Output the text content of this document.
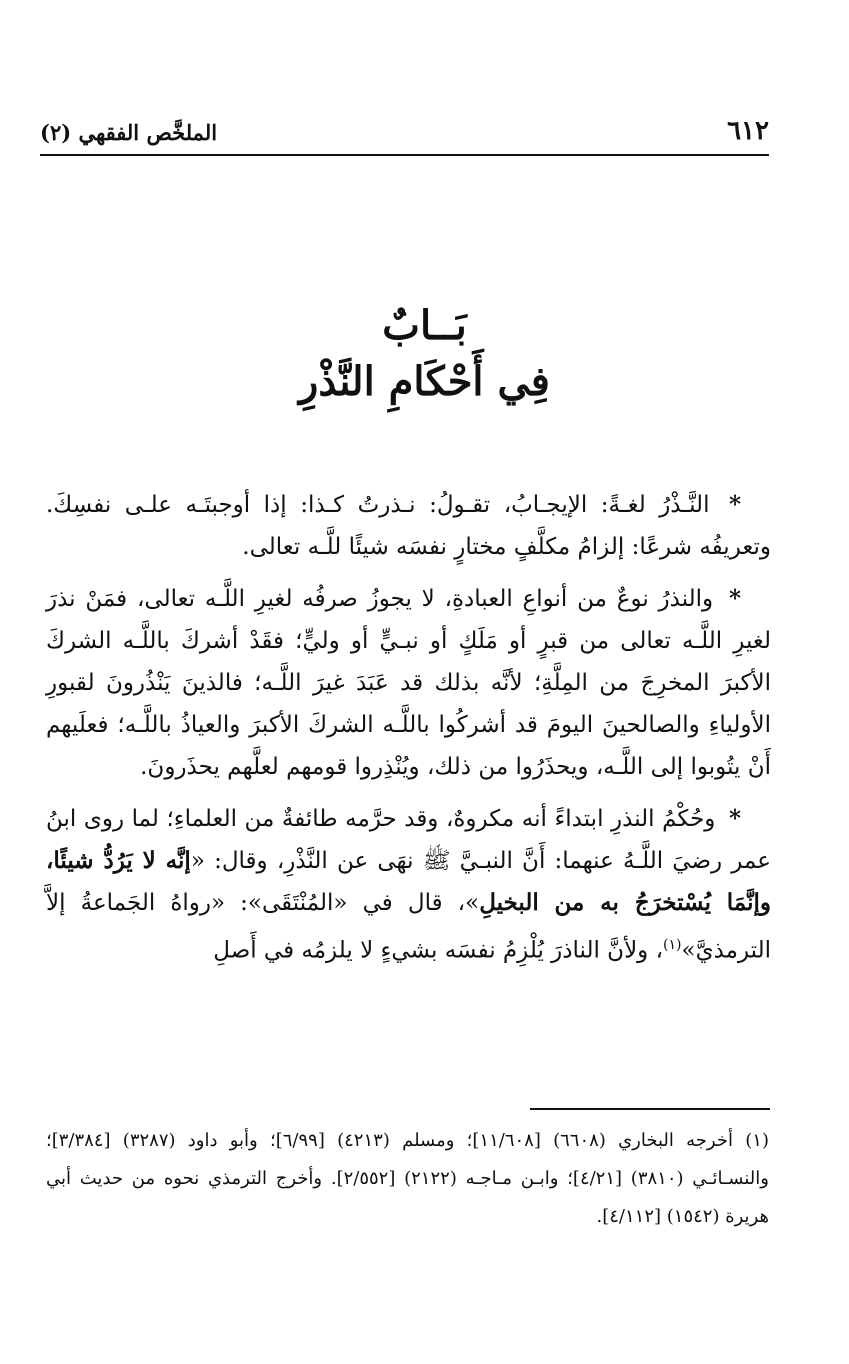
٦١٢
الملخَّص الفقهي (٢)
بَــابٌ
فِي أَحْكَامِ النَّذْرِ

* النَّـذْرُ لغـةً: الإيجـابُ، تقـولُ: نـذرتُ كـذا: إذا أوجبتَـه علـى نفسِكَ. وتعريفُه شرعًا: إلزامُ مكلَّفٍ مختارٍ نفسَه شيئًا للَّـه تعالى.

* والنذرُ نوعٌ من أنواعِ العبادةِ، لا يجوزُ صرفُه لغيرِ اللَّـه تعالى، فمَنْ نذرَ لغيرِ اللَّـه تعالى من قبرٍ أو مَلَكٍ أو نبـيٍّ أو وليٍّ؛ فقَدْ أشركَ باللَّـه الشركَ الأكبرَ المخرِجَ من المِلَّةِ؛ لأنَّه بذلك قد عَبَدَ غيرَ اللَّـه؛ فالذينَ يَنْذُرونَ لقبورِ الأولياءِ والصالحينَ اليومَ قد أشركُوا باللَّـه الشركَ الأكبرَ والعياذُ باللَّـه؛ فعلَيهم أَنْ يتُوبوا إلى اللَّـه، ويحذَرُوا من ذلك، ويُنْذِروا قومهم لعلَّهم يحذَرونَ.

* وحُكْمُ النذرِ ابتداءً أنه مكروهٌ، وقد حرَّمه طائفةٌ من العلماءِ؛ لما روى ابنُ عمر رضيَ اللَّـهُ عنهما: أَنَّ النبـيَّ ﷺ نهَى عن النَّذْرِ، وقال: «إنَّه لا يَرُدُّ شيئًا، وإنَّمَا يُسْتخرَجُ به من البخيلِ»، قال في «المُنْتَقَى»: «رواهُ الجَماعةُ إلاَّ الترمذيَّ»$^{(١)}$، ولأنَّ الناذرَ يُلْزِمُ نفسَه بشيءٍ لا يلزمُه في أَصلِ

(١) أخرجه البخاري (٦٦٠٨) [١١/٦٠٨]؛ ومسلم (٤٢١٣) [٦/٩٩]؛ وأبو داود (٣٢٨٧) [٣/٣٨٤]؛ والنسـائـي (٣٨١٠) [٤/٢١]؛ وابـن مـاجـه (٢١٢٢) [٢/٥٥٢]. وأخرج الترمذي نحوه من حديث أبي هريرة (١٥٤٢) [٤/١١٢].
